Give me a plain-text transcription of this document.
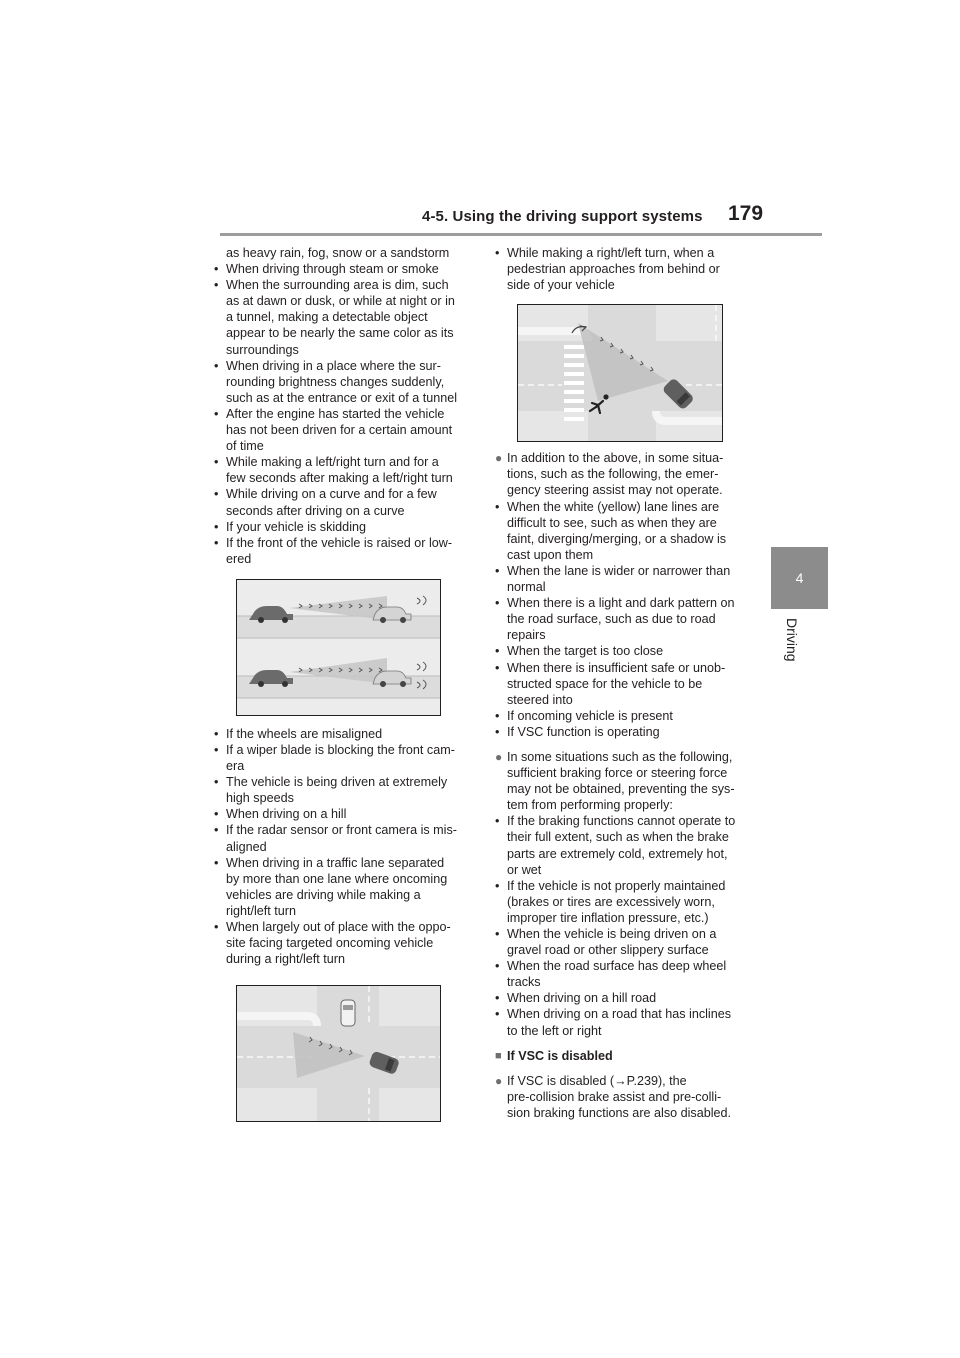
4-5. Using the driving support systems 179
4
Driving

as heavy rain, fog, snow or a sandstorm

• When driving through steam or smoke

• When the surrounding area is dim, such
as at dawn or dusk, or while at night or in
a tunnel, making a detectable object
appear to be nearly the same color as its
surroundings

• When driving in a place where the sur-
rounding brightness changes suddenly,
such as at the entrance or exit of a tunnel

• After the engine has started the vehicle
has not been driven for a certain amount
of time

• While making a left/right turn and for a
few seconds after making a left/right turn

• While driving on a curve and for a few
seconds after driving on a curve

• If your vehicle is skidding

• If the front of the vehicle is raised or low-
ered

• If the wheels are misaligned

• If a wiper blade is blocking the front cam-
era

• The vehicle is being driven at extremely
high speeds

• When driving on a hill

• If the radar sensor or front camera is mis-
aligned

• When driving in a traffic lane separated
by more than one lane where oncoming
vehicles are driving while making a
right/left turn

• When largely out of place with the oppo-
site facing targeted oncoming vehicle
during a right/left turn

• While making a right/left turn, when a
pedestrian approaches from behind or
side of your vehicle

● In addition to the above, in some situa-
tions, such as the following, the emer-
gency steering assist may not operate.

• When the white (yellow) lane lines are
difficult to see, such as when they are
faint, diverging/merging, or a shadow is
cast upon them

• When the lane is wider or narrower than
normal

• When there is a light and dark pattern on
the road surface, such as due to road
repairs

• When the target is too close

• When there is insufficient safe or unob-
structed space for the vehicle to be
steered into

• If oncoming vehicle is present

• If VSC function is operating

● In some situations such as the following,
sufficient braking force or steering force
may not be obtained, preventing the sys-
tem from performing properly:

• If the braking functions cannot operate to
their full extent, such as when the brake
parts are extremely cold, extremely hot,
or wet

• If the vehicle is not properly maintained
(brakes or tires are excessively worn,
improper tire inflation pressure, etc.)

• When the vehicle is being driven on a
gravel road or other slippery surface

• When the road surface has deep wheel
tracks

• When driving on a hill road

• When driving on a road that has inclines
to the left or right

■ If VSC is disabled

● If VSC is disabled (→P.239), the
pre-collision brake assist and pre-colli-
sion braking functions are also disabled.
